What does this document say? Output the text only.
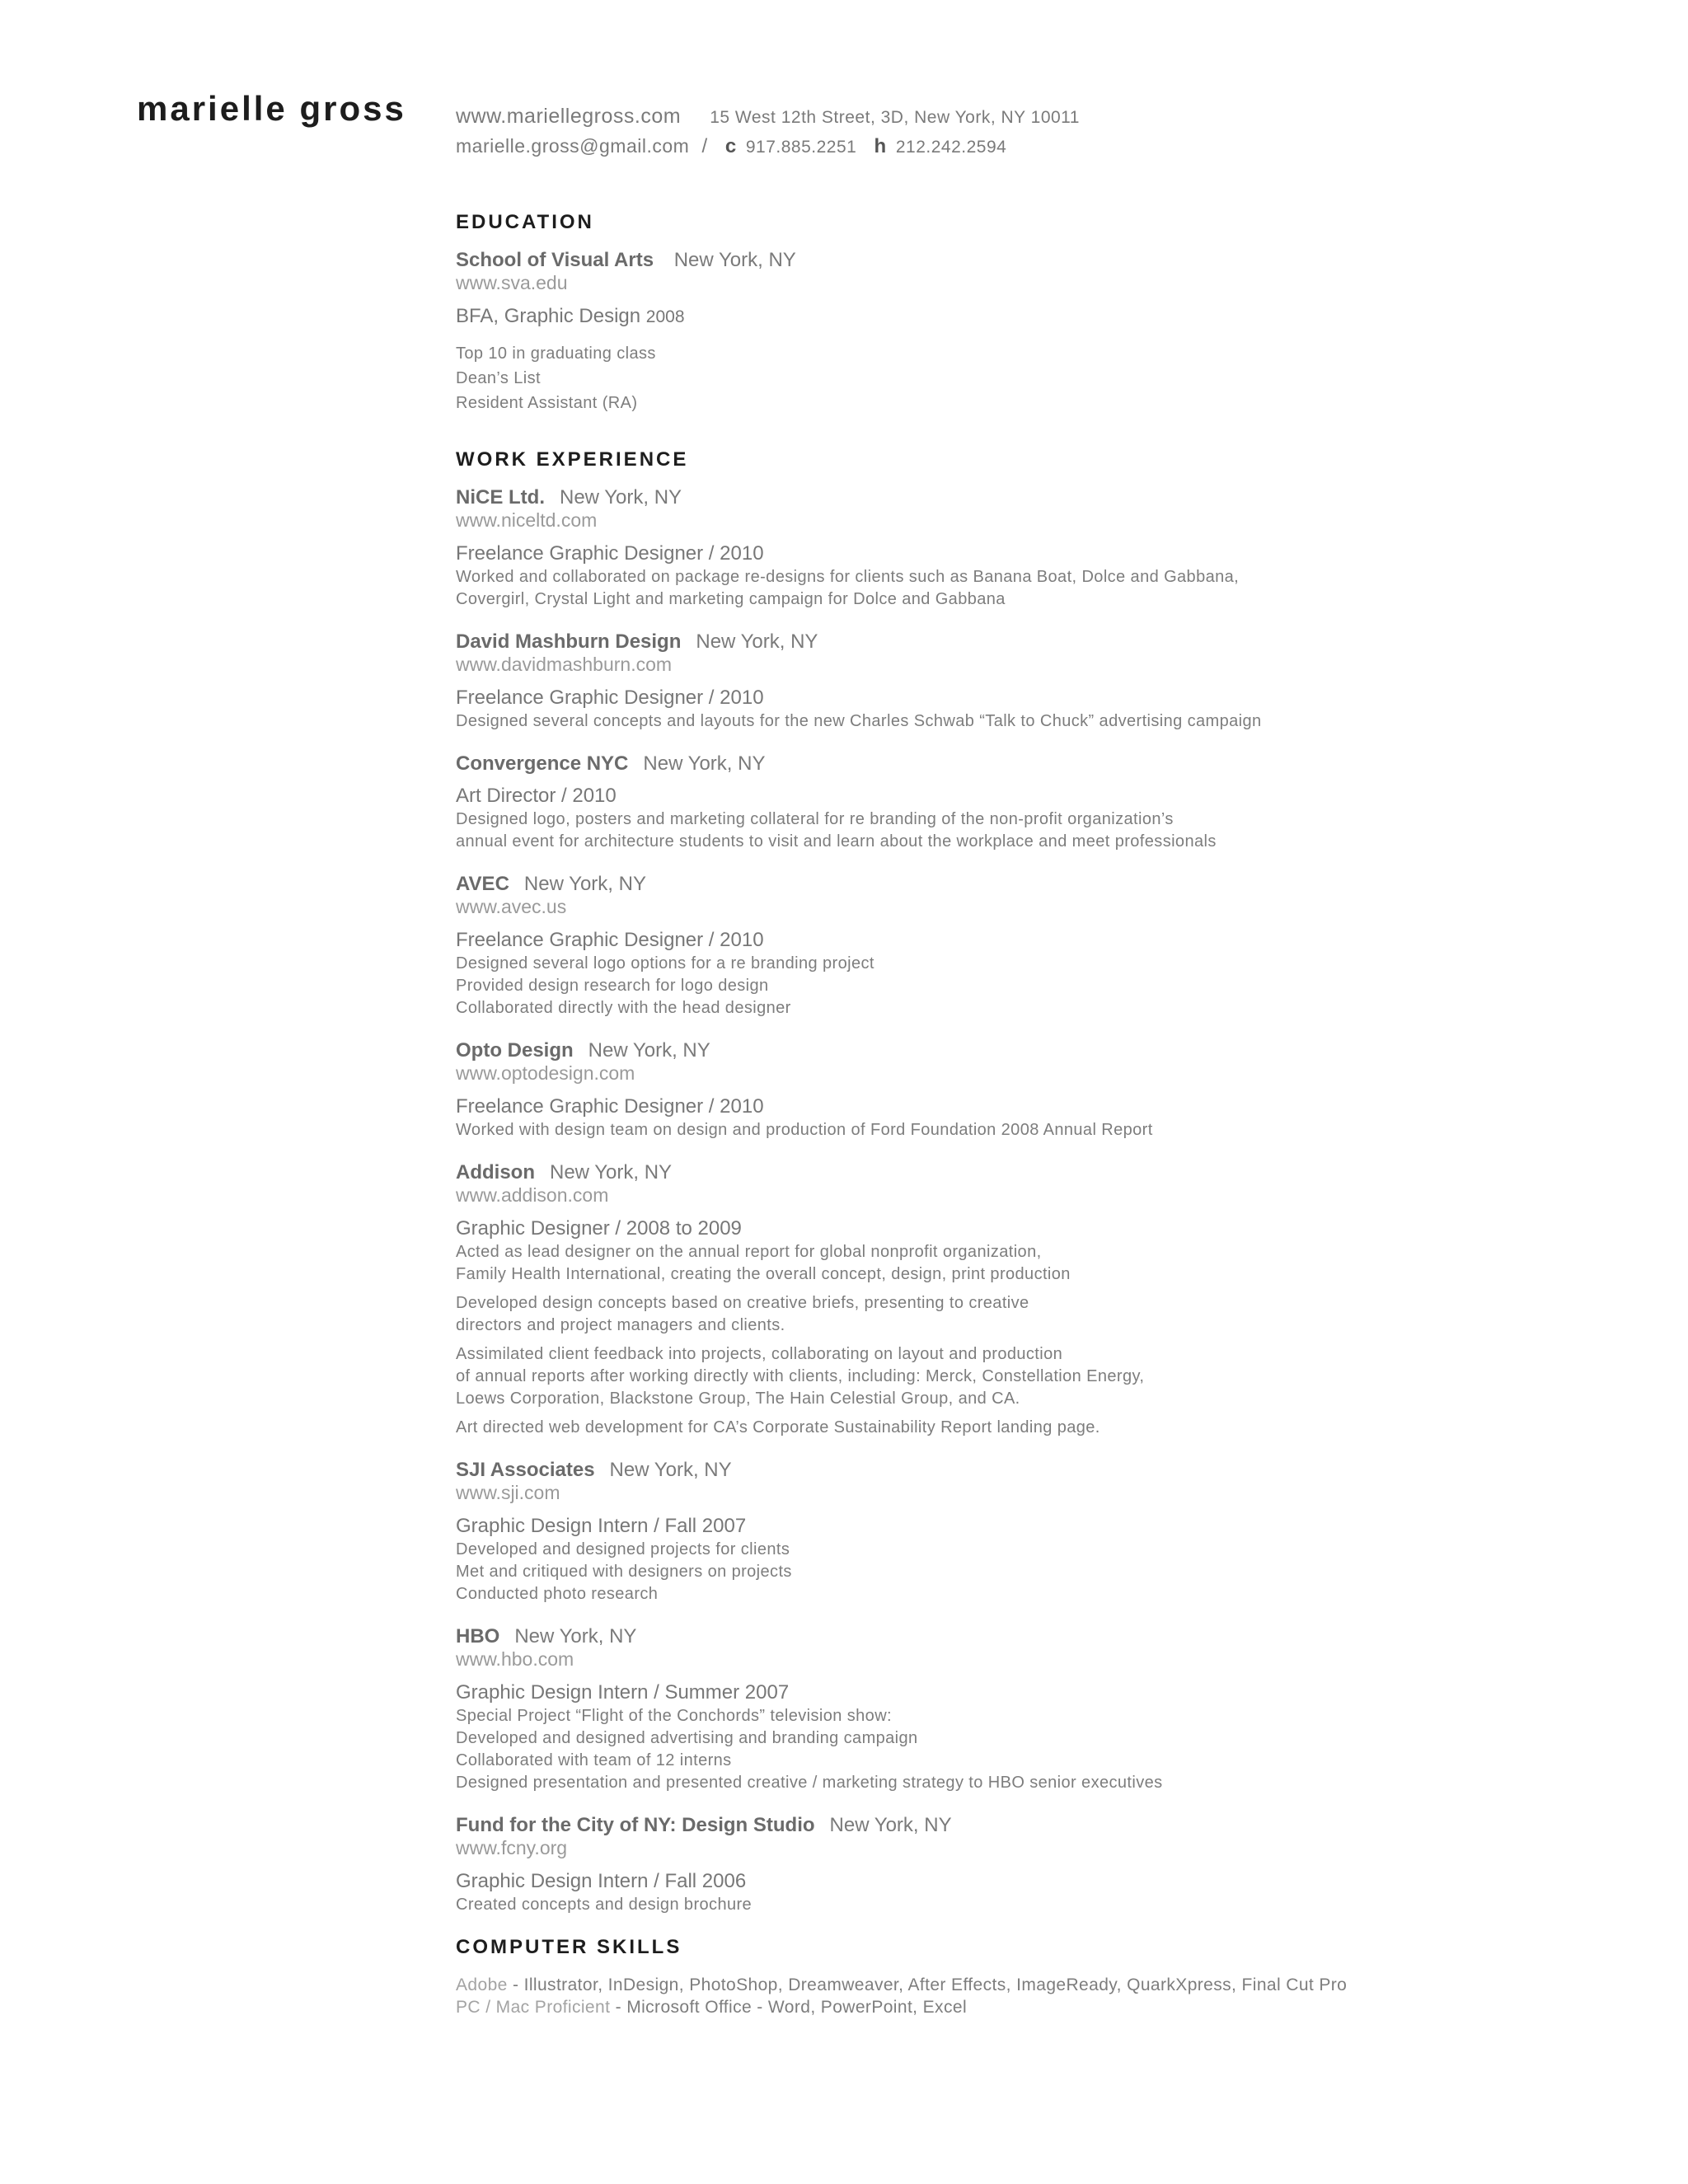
marielle gross www.mariellegross.com 15 West 12th Street, 3D, New York, NY 10011
marielle.gross@gmail.com / c 917.885.2251 h 212.242.2594
EDUCATION
School of Visual Arts New York, NY
www.sva.edu
BFA, Graphic Design 2008
Top 10 in graduating class
Dean’s List
Resident Assistant (RA)
WORK EXPERIENCE
NiCE Ltd. New York, NY
www.niceltd.com
Freelance Graphic Designer / 2010
Worked and collaborated on package re-designs for clients such as Banana Boat, Dolce and Gabbana,
Covergirl, Crystal Light and marketing campaign for Dolce and Gabbana
David Mashburn Design New York, NY
www.davidmashburn.com
Freelance Graphic Designer / 2010
Designed several concepts and layouts for the new Charles Schwab “Talk to Chuck” advertising campaign
Convergence NYC New York, NY
Art Director / 2010
Designed logo, posters and marketing collateral for re branding of the non-profit organization’s
annual event for architecture students to visit and learn about the workplace and meet professionals
AVEC New York, NY
www.avec.us
Freelance Graphic Designer / 2010
Designed several logo options for a re branding project
Provided design research for logo design
Collaborated directly with the head designer
Opto Design New York, NY
www.optodesign.com
Freelance Graphic Designer / 2010
Worked with design team on design and production of Ford Foundation 2008 Annual Report
Addison New York, NY
www.addison.com
Graphic Designer / 2008 to 2009
Acted as lead designer on the annual report for global nonprofit organization,
Family Health International, creating the overall concept, design, print production
Developed design concepts based on creative briefs, presenting to creative
directors and project managers and clients.
Assimilated client feedback into projects, collaborating on layout and production
of annual reports after working directly with clients, including: Merck, Constellation Energy,
Loews Corporation, Blackstone Group, The Hain Celestial Group, and CA.
Art directed web development for CA’s Corporate Sustainability Report landing page.
SJI Associates New York, NY
www.sji.com
Graphic Design Intern / Fall 2007
Developed and designed projects for clients
Met and critiqued with designers on projects
Conducted photo research
HBO New York, NY
www.hbo.com
Graphic Design Intern / Summer 2007
Special Project “Flight of the Conchords” television show:
Developed and designed advertising and branding campaign
Collaborated with team of 12 interns
Designed presentation and presented creative / marketing strategy to HBO senior executives
Fund for the City of NY: Design Studio New York, NY
www.fcny.org
Graphic Design Intern / Fall 2006
Created concepts and design brochure
COMPUTER SKILLS
Adobe - Illustrator, InDesign, PhotoShop, Dreamweaver, After Effects, ImageReady, QuarkXpress, Final Cut Pro
PC / Mac Proficient - Microsoft Office - Word, PowerPoint, Excel
